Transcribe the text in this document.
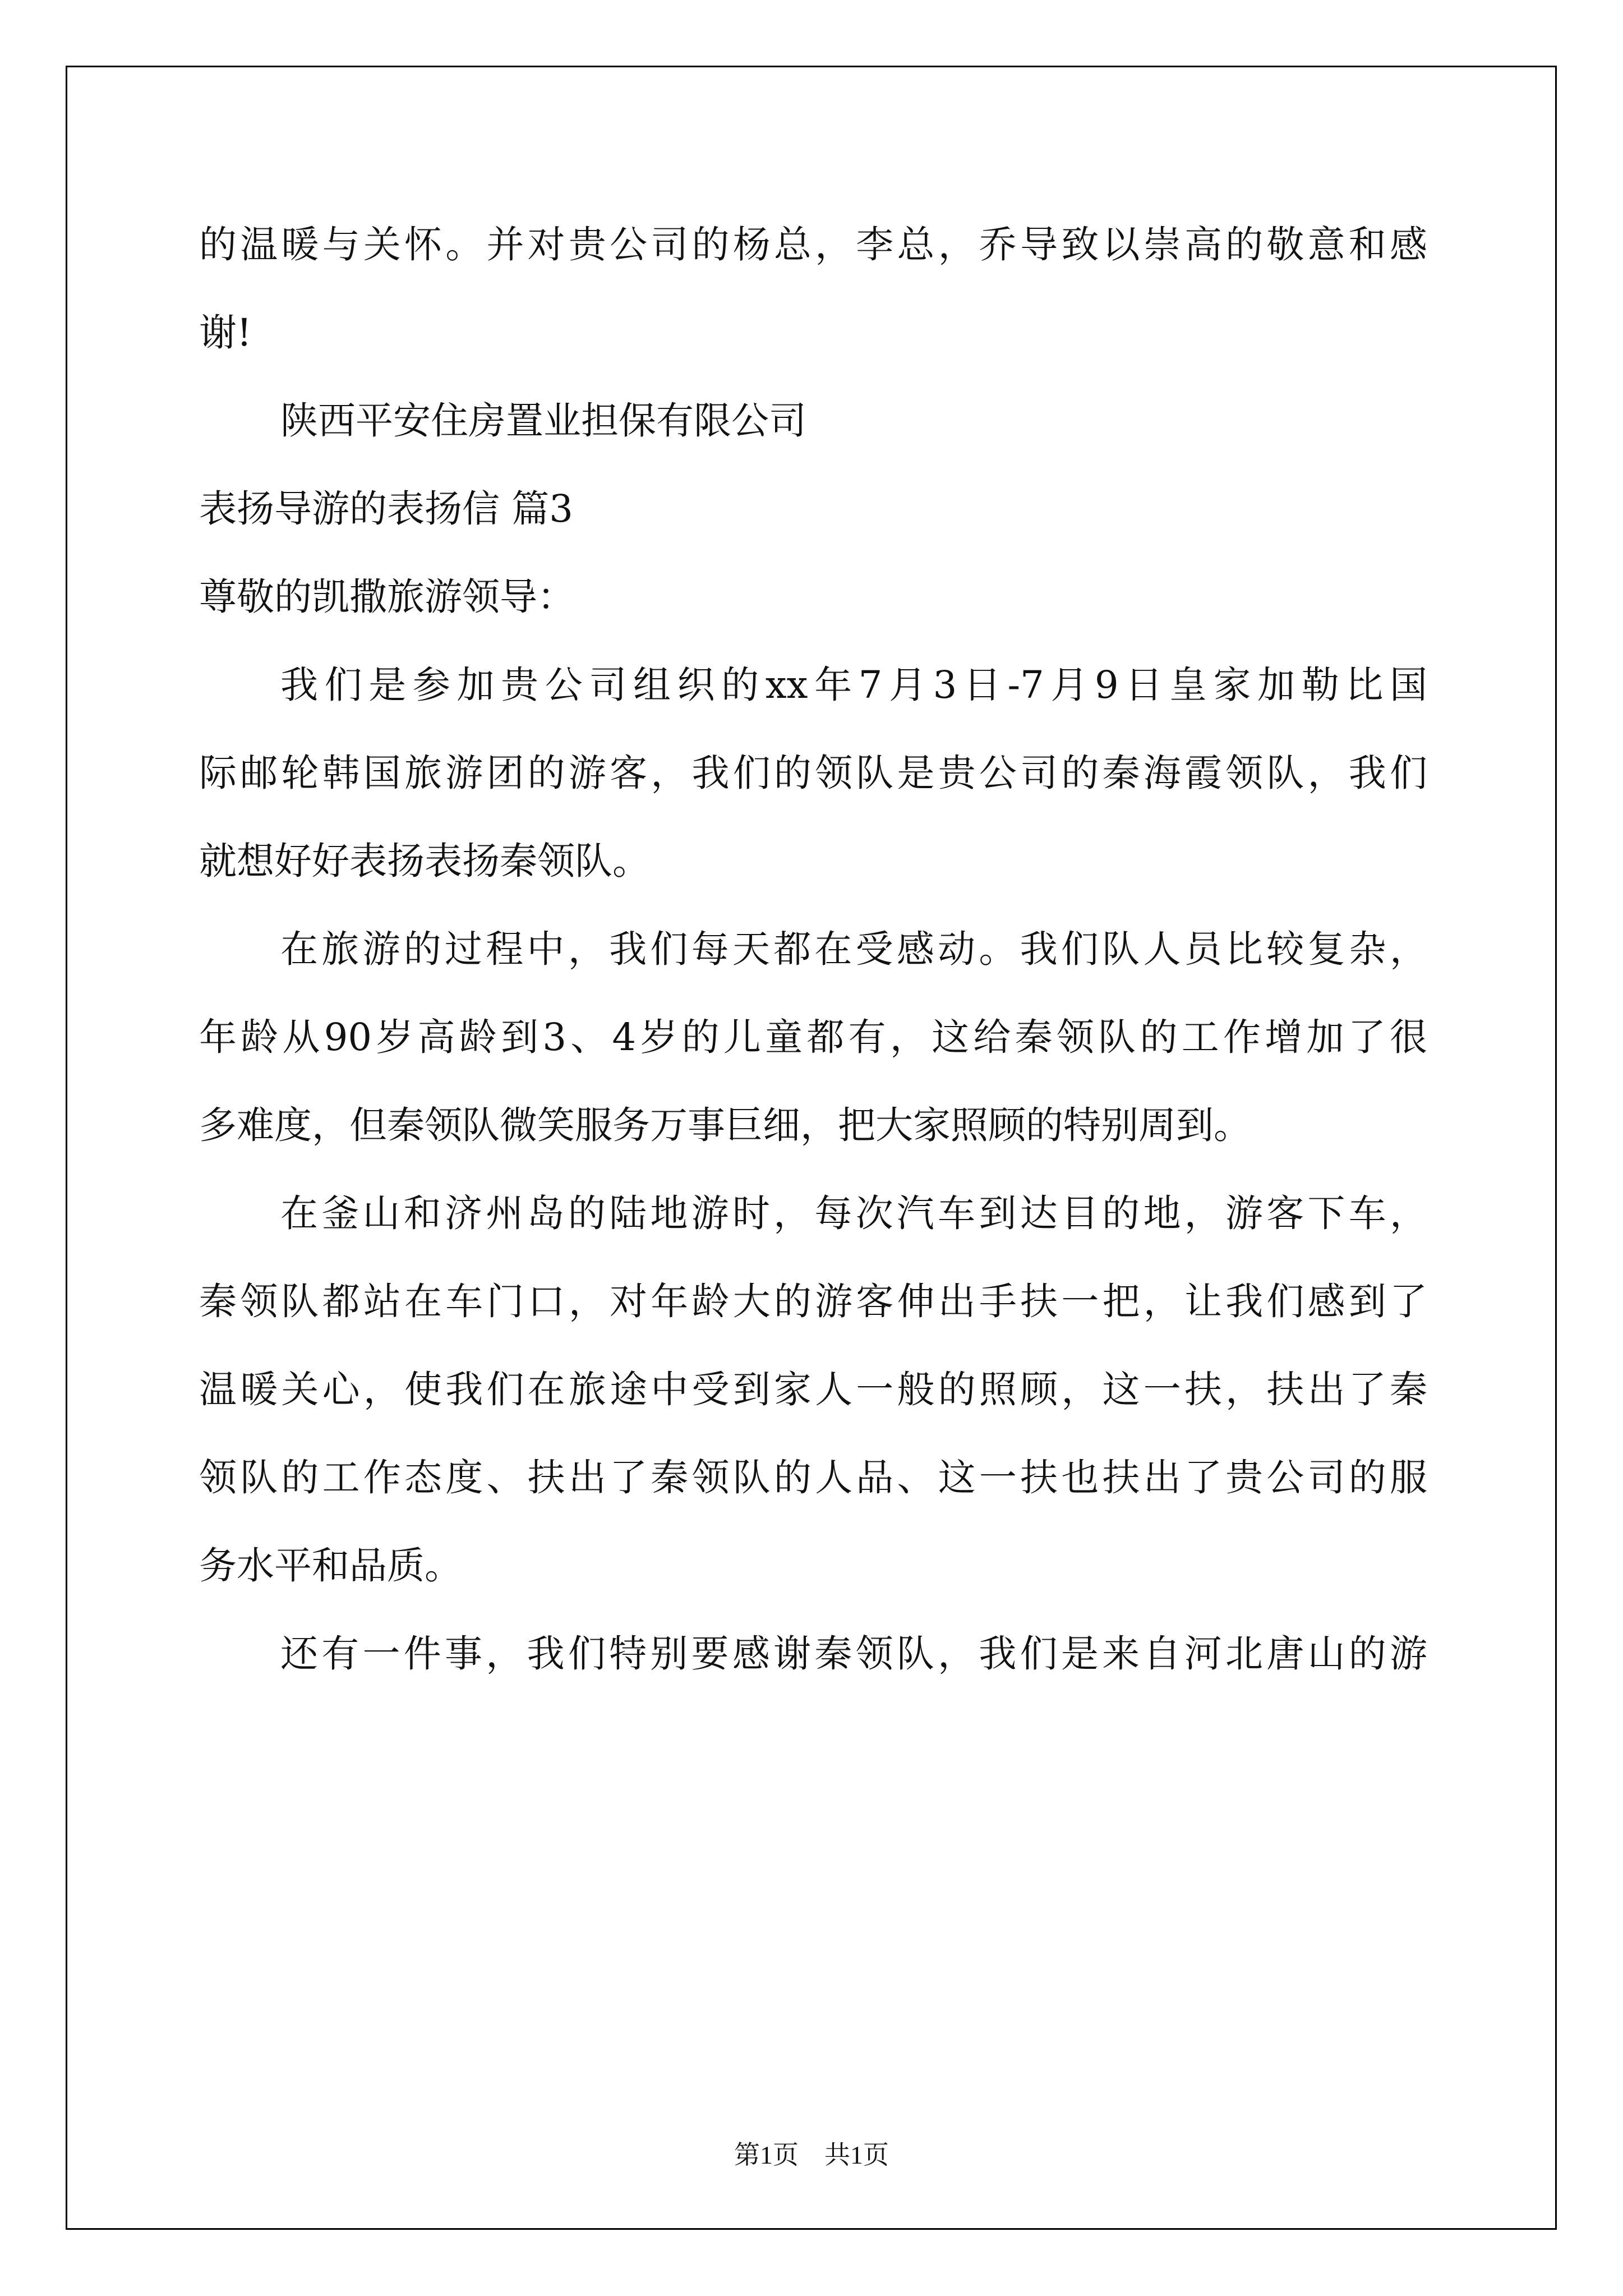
的温暖与关怀。并对贵公司的杨总，李总，乔导致以崇高的敬意和感
谢!
陕西平安住房置业担保有限公司
表扬导游的表扬信 篇3
尊敬的凯撒旅游领导：
我们是参加贵公司组织的xx年7月3日-7月9日皇家加勒比国
际邮轮韩国旅游团的游客，我们的领队是贵公司的秦海霞领队，我们
就想好好表扬表扬秦领队。
在旅游的过程中，我们每天都在受感动。我们队人员比较复杂，
年龄从90岁高龄到3、4岁的儿童都有，这给秦领队的工作增加了很
多难度，但秦领队微笑服务万事巨细，把大家照顾的特别周到。
在釜山和济州岛的陆地游时，每次汽车到达目的地，游客下车，
秦领队都站在车门口，对年龄大的游客伸出手扶一把，让我们感到了
温暖关心，使我们在旅途中受到家人一般的照顾，这一扶，扶出了秦
领队的工作态度、扶出了秦领队的人品、这一扶也扶出了贵公司的服
务水平和品质。
还有一件事，我们特别要感谢秦领队，我们是来自河北唐山的游
第1页 共1页
